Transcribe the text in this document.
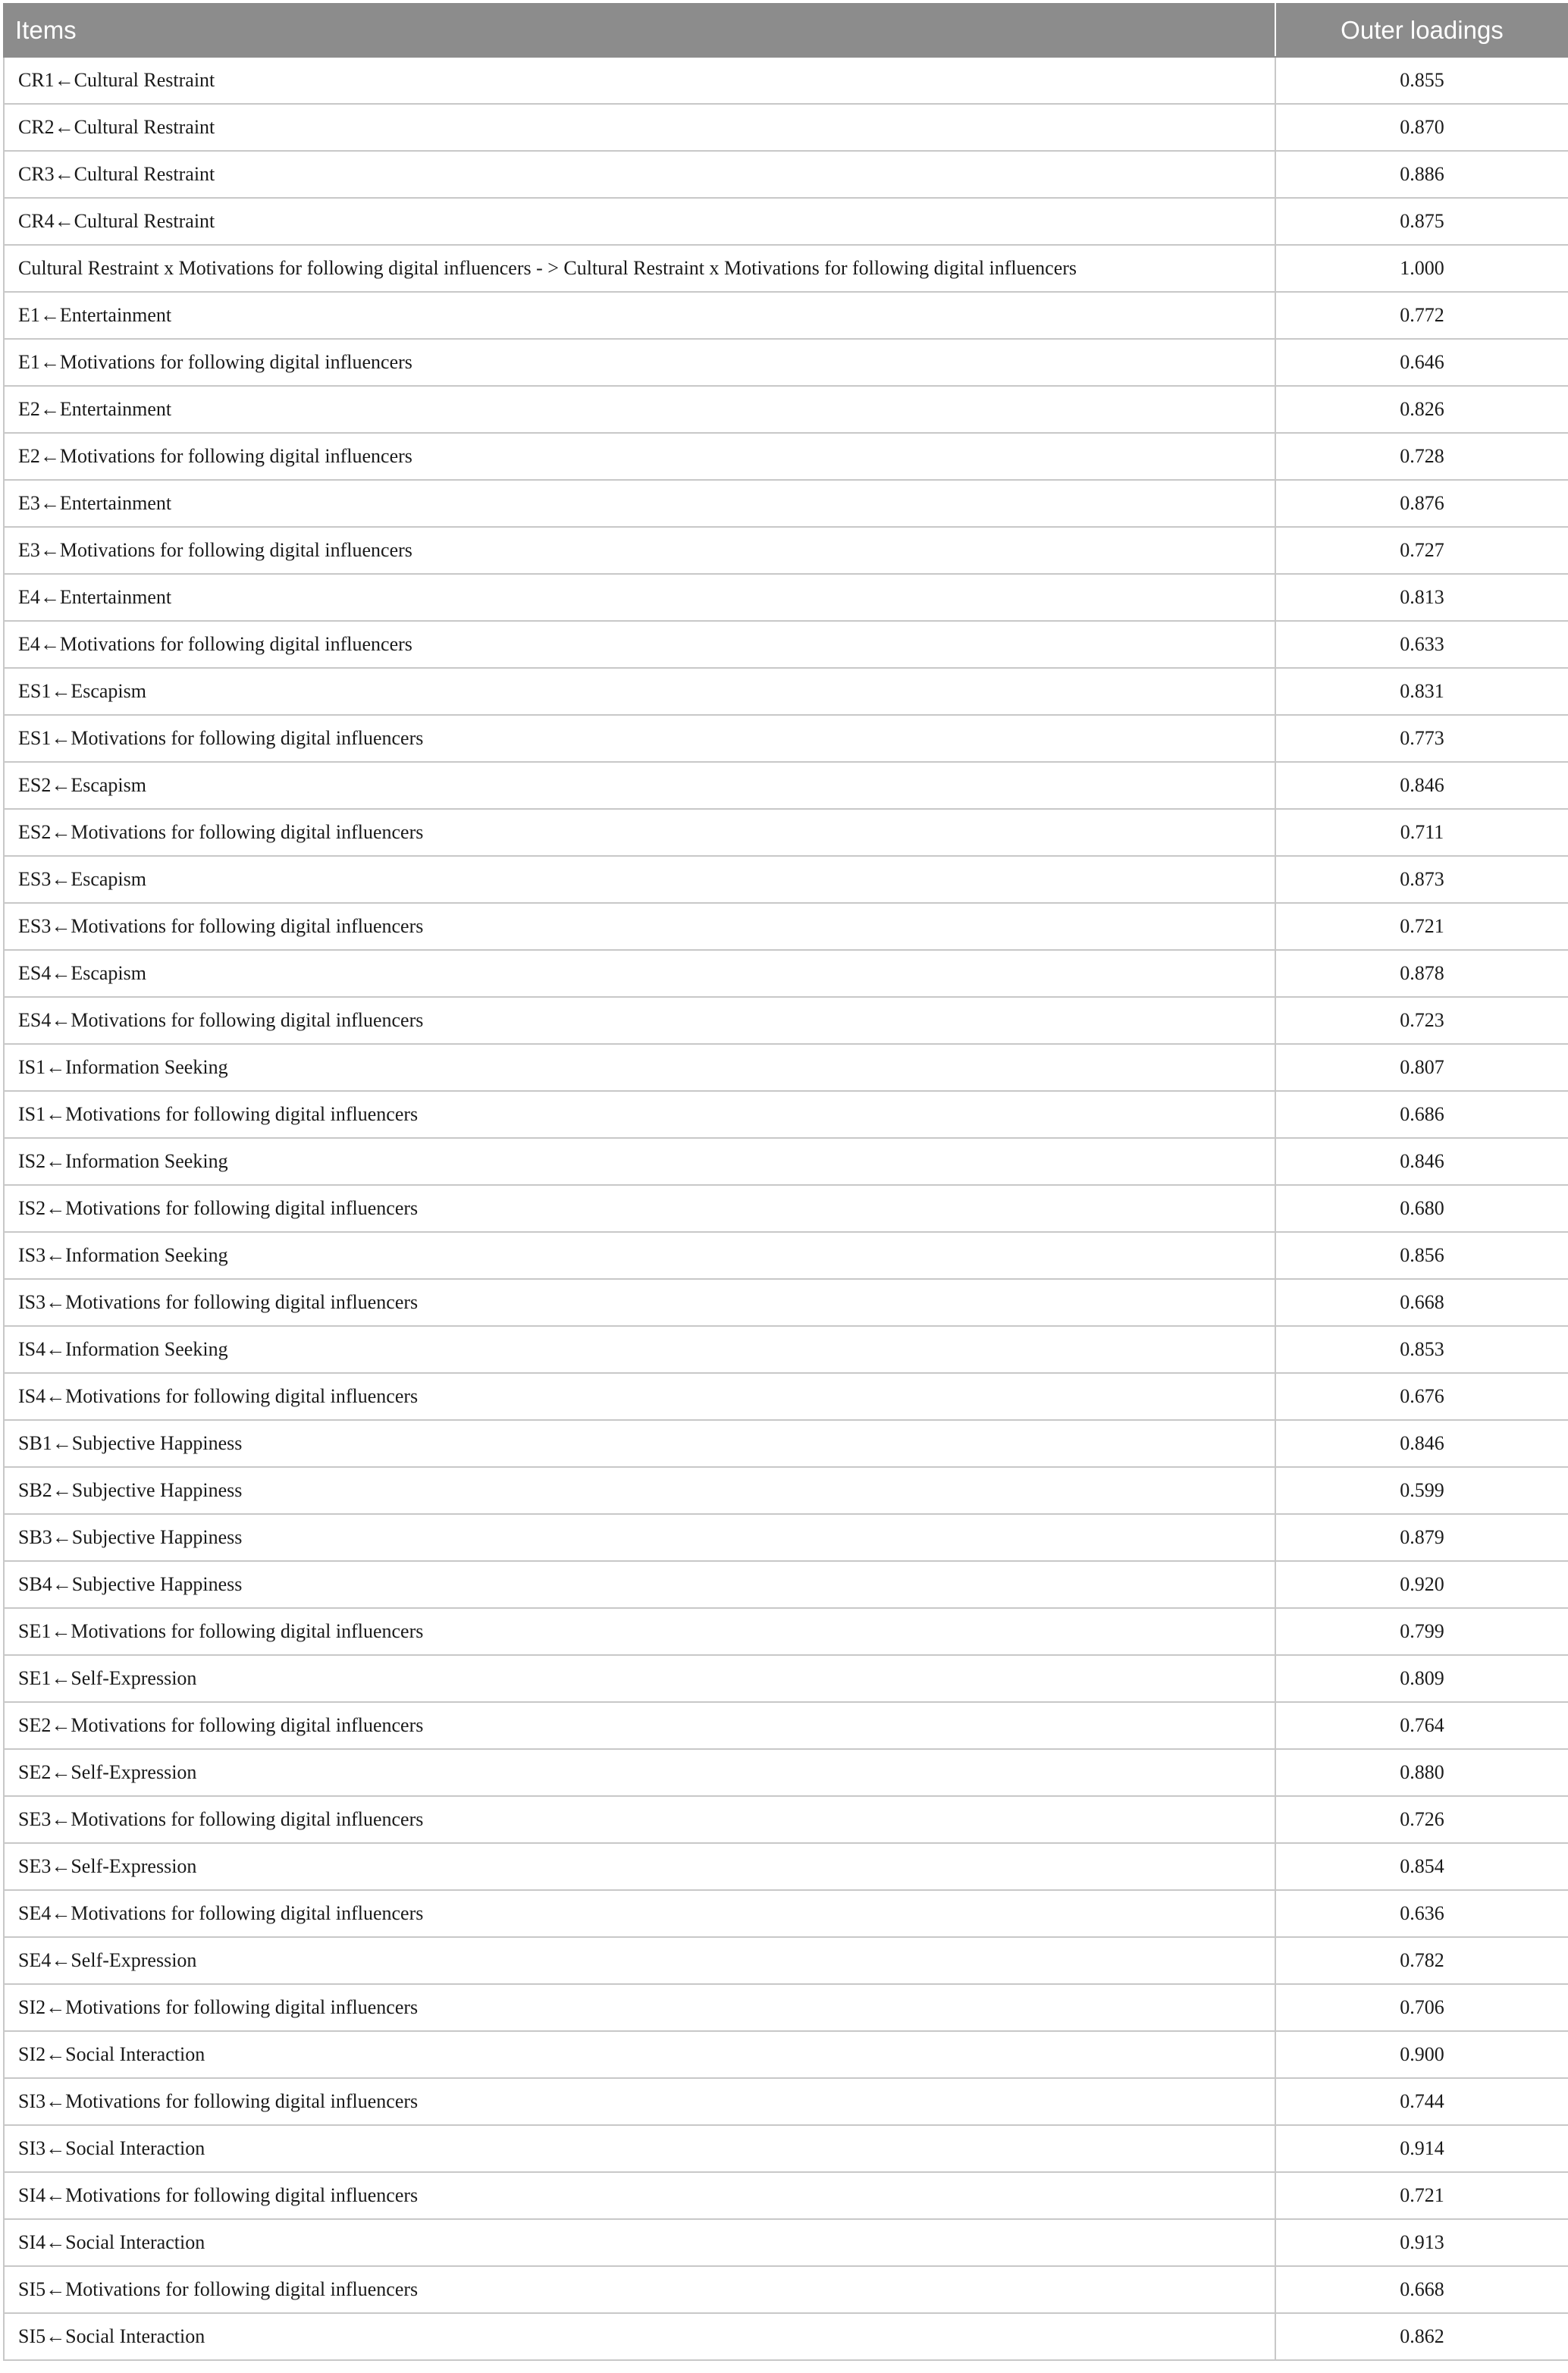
Items	Outer loadings
CR1←Cultural Restraint	0.855
CR2←Cultural Restraint	0.870
CR3←Cultural Restraint	0.886
CR4←Cultural Restraint	0.875
Cultural Restraint x Motivations for following digital influencers - > Cultural Restraint x Motivations for following digital influencers	1.000
E1←Entertainment	0.772
E1←Motivations for following digital influencers	0.646
E2←Entertainment	0.826
E2←Motivations for following digital influencers	0.728
E3←Entertainment	0.876
E3←Motivations for following digital influencers	0.727
E4←Entertainment	0.813
E4←Motivations for following digital influencers	0.633
ES1←Escapism	0.831
ES1←Motivations for following digital influencers	0.773
ES2←Escapism	0.846
ES2←Motivations for following digital influencers	0.711
ES3←Escapism	0.873
ES3←Motivations for following digital influencers	0.721
ES4←Escapism	0.878
ES4←Motivations for following digital influencers	0.723
IS1←Information Seeking	0.807
IS1←Motivations for following digital influencers	0.686
IS2←Information Seeking	0.846
IS2←Motivations for following digital influencers	0.680
IS3←Information Seeking	0.856
IS3←Motivations for following digital influencers	0.668
IS4←Information Seeking	0.853
IS4←Motivations for following digital influencers	0.676
SB1←Subjective Happiness	0.846
SB2←Subjective Happiness	0.599
SB3←Subjective Happiness	0.879
SB4←Subjective Happiness	0.920
SE1←Motivations for following digital influencers	0.799
SE1←Self-Expression	0.809
SE2←Motivations for following digital influencers	0.764
SE2←Self-Expression	0.880
SE3←Motivations for following digital influencers	0.726
SE3←Self-Expression	0.854
SE4←Motivations for following digital influencers	0.636
SE4←Self-Expression	0.782
SI2←Motivations for following digital influencers	0.706
SI2←Social Interaction	0.900
SI3←Motivations for following digital influencers	0.744
SI3←Social Interaction	0.914
SI4←Motivations for following digital influencers	0.721
SI4←Social Interaction	0.913
SI5←Motivations for following digital influencers	0.668
SI5←Social Interaction	0.862
